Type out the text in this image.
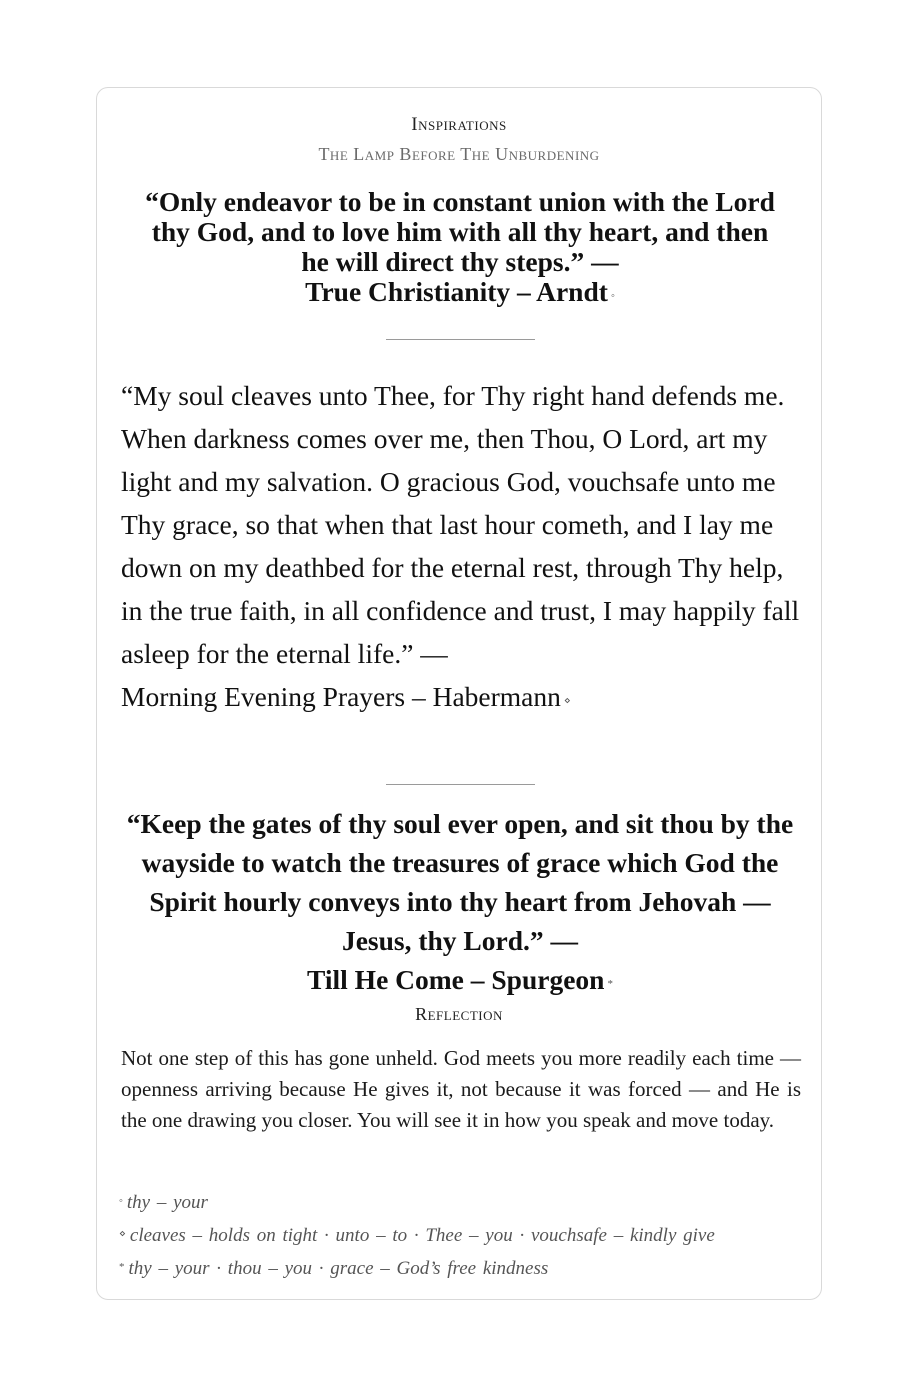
Inspirations
The Lamp Before The Unburdening
“Only endeavor to be in constant union with the Lord thy God, and to love him with all thy heart, and then he will direct thy steps.” —
True Christianity – Arndt ◦
“My soul cleaves unto Thee, for Thy right hand defends me. When darkness comes over me, then Thou, O Lord, art my light and my salvation. O gracious God, vouchsafe unto me Thy grace, so that when that last hour cometh, and I lay me down on my deathbed for the eternal rest, through Thy help, in the true faith, in all confidence and trust, I may happily fall asleep for the eternal life.” —
Morning Evening Prayers – Habermann ⋄
“Keep the gates of thy soul ever open, and sit thou by the wayside to watch the treasures of grace which God the Spirit hourly conveys into thy heart from Jehovah — Jesus, thy Lord.” —
Till He Come – Spurgeon *
Reflection
Not one step of this has gone unheld. God meets you more readily each time — openness arriving because He gives it, not because it was forced — and He is the one drawing you closer. You will see it in how you speak and move today.
◦ thy – your
⋄ cleaves – holds on tight · unto – to · Thee – you · vouchsafe – kindly give
* thy – your · thou – you · grace – God’s free kindness
